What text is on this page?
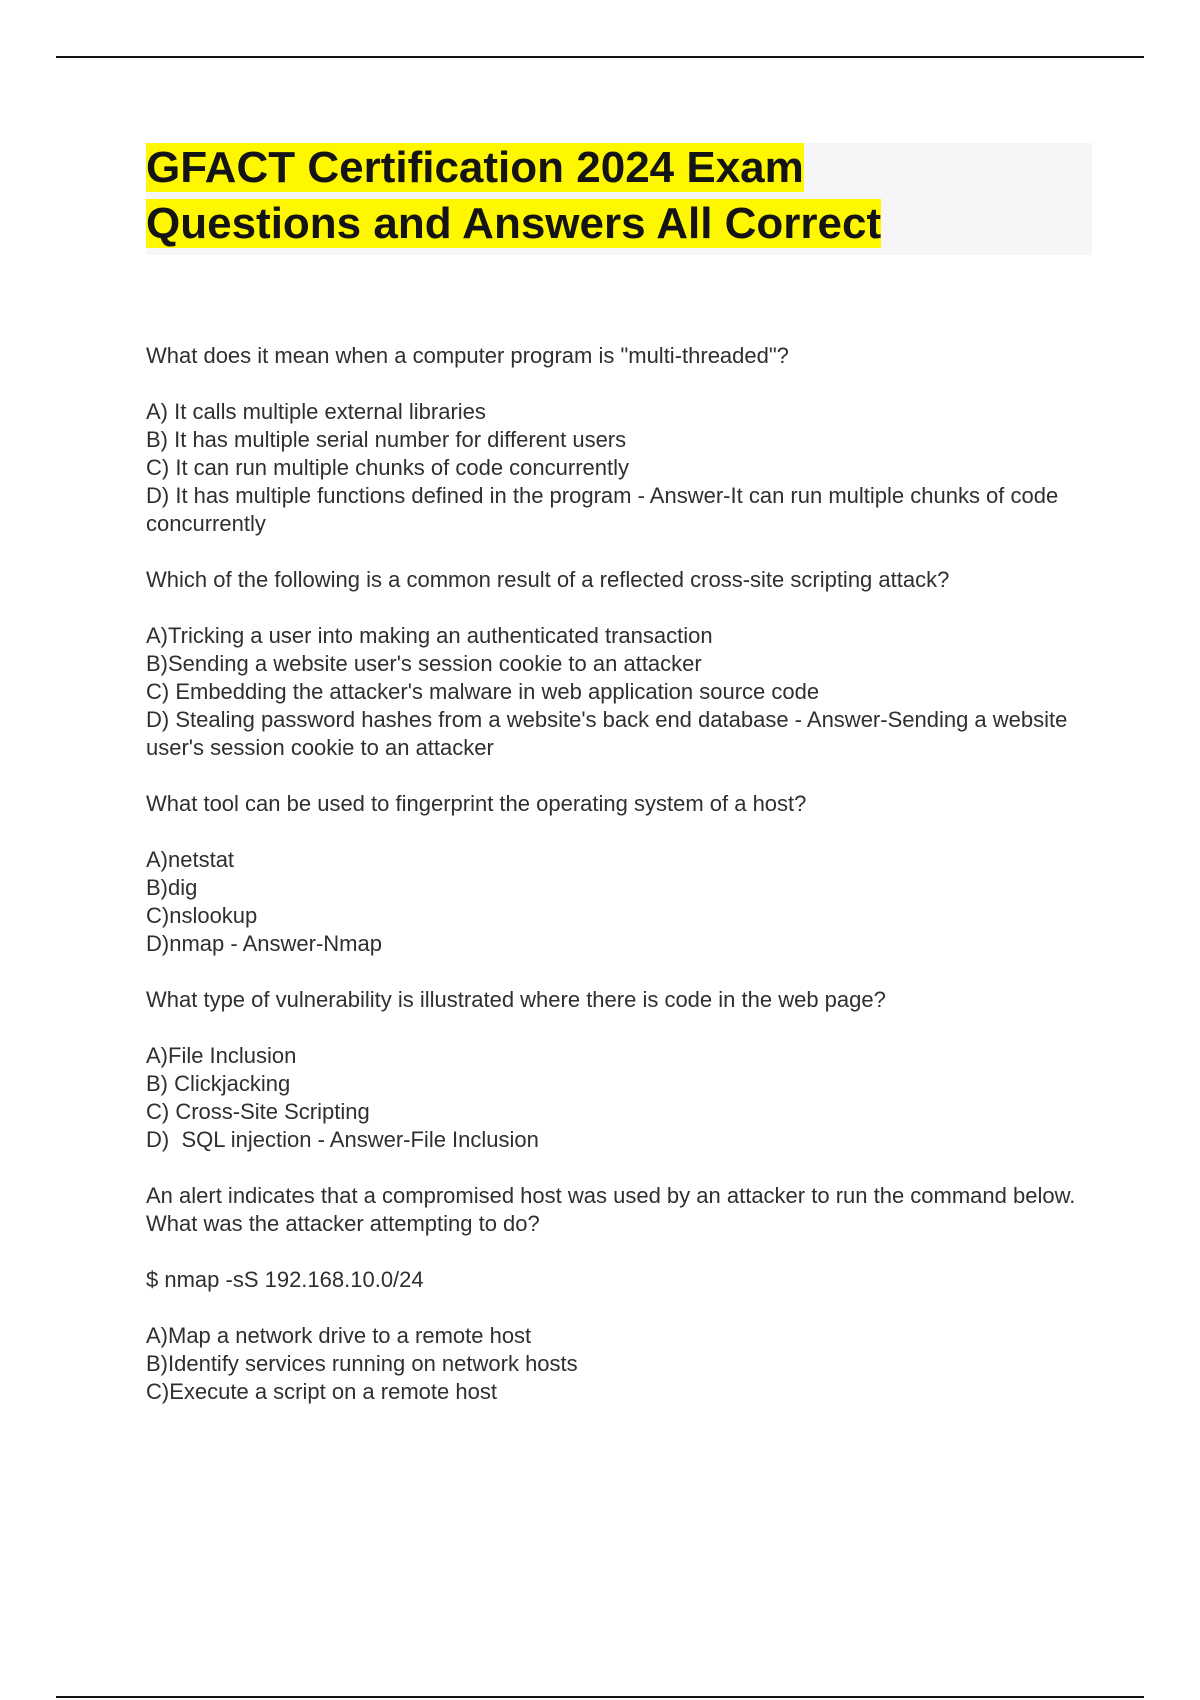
GFACT Certification 2024 Exam
Questions and Answers All Correct

What does it mean when a computer program is "multi-threaded"?

A) It calls multiple external libraries

B) It has multiple serial number for different users

C) It can run multiple chunks of code concurrently

D) It has multiple functions defined in the program - Answer-It can run multiple chunks of code concurrently

Which of the following is a common result of a reflected cross-site scripting attack?

A)Tricking a user into making an authenticated transaction

B)Sending a website user's session cookie to an attacker

C) Embedding the attacker's malware in web application source code

D) Stealing password hashes from a website's back end database - Answer-Sending a website user's session cookie to an attacker

What tool can be used to fingerprint the operating system of a host?

A)netstat

B)dig

C)nslookup

D)nmap - Answer-Nmap

What type of vulnerability is illustrated where there is code in the web page?

A)File Inclusion

B) Clickjacking

C) Cross-Site Scripting

D)  SQL injection - Answer-File Inclusion

An alert indicates that a compromised host was used by an attacker to run the command below. What was the attacker attempting to do?

$ nmap -sS 192.168.10.0/24

A)Map a network drive to a remote host

B)Identify services running on network hosts

C)Execute a script on a remote host
